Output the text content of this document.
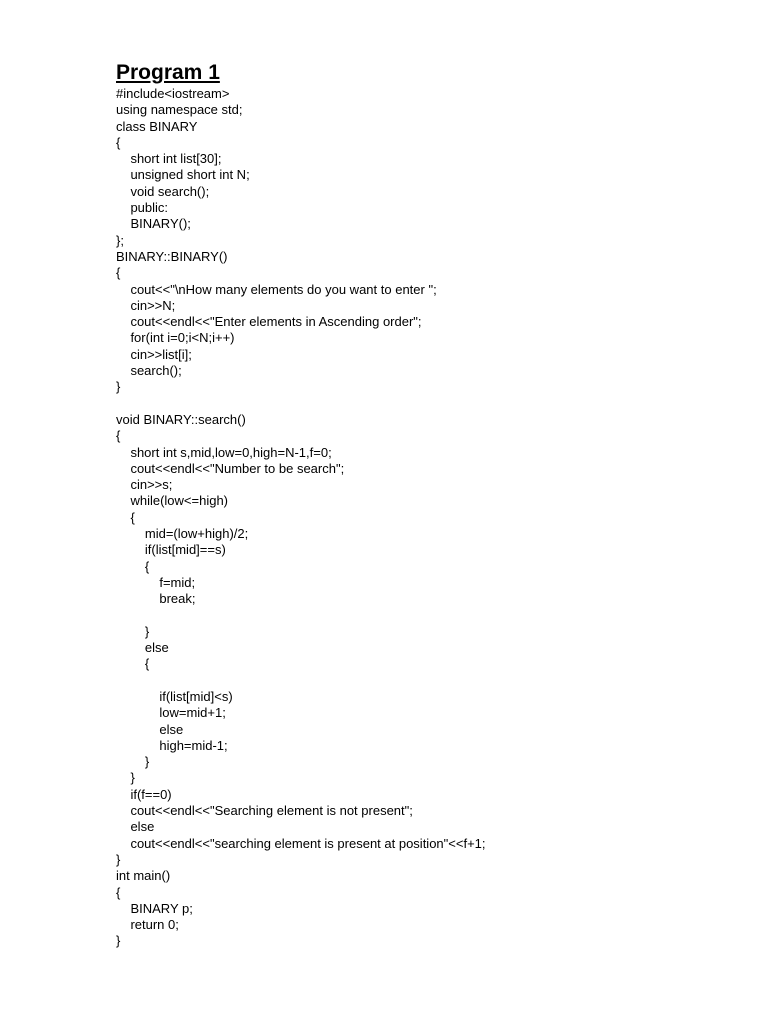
Program 1
#include<iostream>
using namespace std;
class BINARY
{
short int list[30];
unsigned short int N;
void search();
public:
BINARY();
};
BINARY::BINARY()
{
cout<<"\nHow many elements do you want to enter ";
cin>>N;
cout<<endl<<"Enter elements in Ascending order";
for(int i=0;i<N;i++)
cin>>list[i];
search();
}
void BINARY::search()
{
short int s,mid,low=0,high=N-1,f=0;
cout<<endl<<"Number to be search";
cin>>s;
while(low<=high)
{
mid=(low+high)/2;
if(list[mid]==s)
{
f=mid;
break;
}
else
{
if(list[mid]<s)
low=mid+1;
else
high=mid-1;
}
}
if(f==0)
cout<<endl<<"Searching element is not present";
else
cout<<endl<<"searching element is present at position"<<f+1;
}
int main()
{
BINARY p;
return 0;
}
